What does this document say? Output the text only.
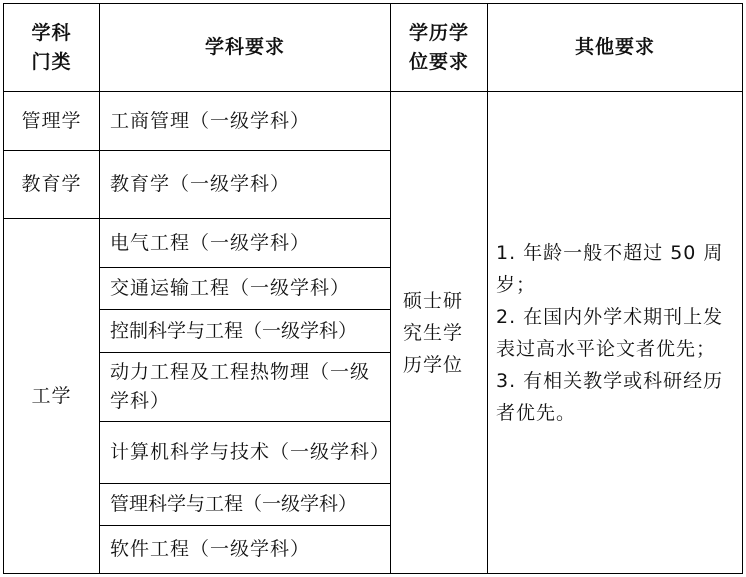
学科
门类
学科要求
学历学
位要求
其他要求
管理学
教育学
工学
工商管理（一级学科）
教育学（一级学科）
电气工程（一级学科）
交通运输工程（一级学科）
控制科学与工程（一级学科）
动力工程及工程热物理（一级学科）
计算机科学与技术（一级学科）
管理科学与工程（一级学科）
软件工程（一级学科）
硕士研究生学历学位
1. 年龄一般不超过 50 周岁；
2. 在国内外学术期刊上发表过高水平论文者优先；
3. 有相关教学或科研经历者优先。
